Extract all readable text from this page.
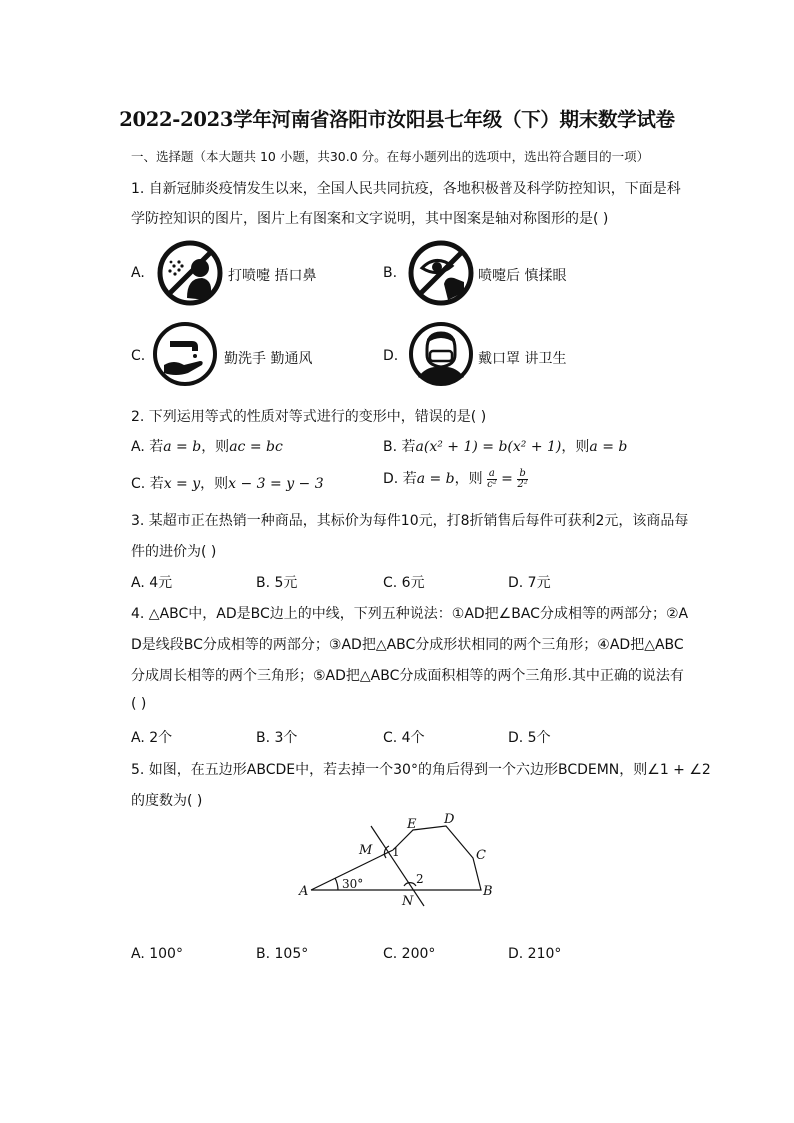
2022-2023学年河南省洛阳市汝阳县七年级（下）期末数学试卷
一、选择题（本大题共 10 小题，共30.0 分。在每小题列出的选项中，选出符合题目的一项）
1. 自新冠肺炎疫情发生以来，全国人民共同抗疫，各地积极普及科学防控知识，下面是科
学防控知识的图片，图片上有图案和文字说明，其中图案是轴对称图形的是( )
A.	打喷嚏 捂口鼻	B.	喷嚏后 慎揉眼
C.	勤洗手 勤通风	D.	戴口罩 讲卫生
2. 下列运用等式的性质对等式进行的变形中，错误的是( )
A. 若a = b，则ac = bc	B. 若a(x² + 1) = b(x² + 1)，则a = b
C. 若x = y，则x − 3 = y − 3	D. 若a = b，则 $\frac{a}{\text{c²}} = \frac{b}{\text{2²}}$
3. 某超市正在热销一种商品，其标价为每件10元，打8折销售后每件可获利2元，该商品每
件的进价为( )
A. 4元	B. 5元	C. 6元	D. 7元
4. △ABC中，AD是BC边上的中线，下列五种说法：①AD把∠BAC分成相等的两部分；②A
D是线段BC分成相等的两部分；③AD把△ABC分成形状相同的两个三角形；④AD把△ABC
分成周长相等的两个三角形；⑤AD把△ABC分成面积相等的两个三角形.其中正确的说法有
( )
A. 2个	B. 3个	C. 4个	D. 5个
5. 如图，在五边形ABCDE中，若去掉一个30°的角后得到一个六边形BCDEMN，则∠1 + ∠2
的度数为( )
A	B
C
D
E
M
N
30°
1
2
A. 100°	B. 105°	C. 200°	D. 210°
